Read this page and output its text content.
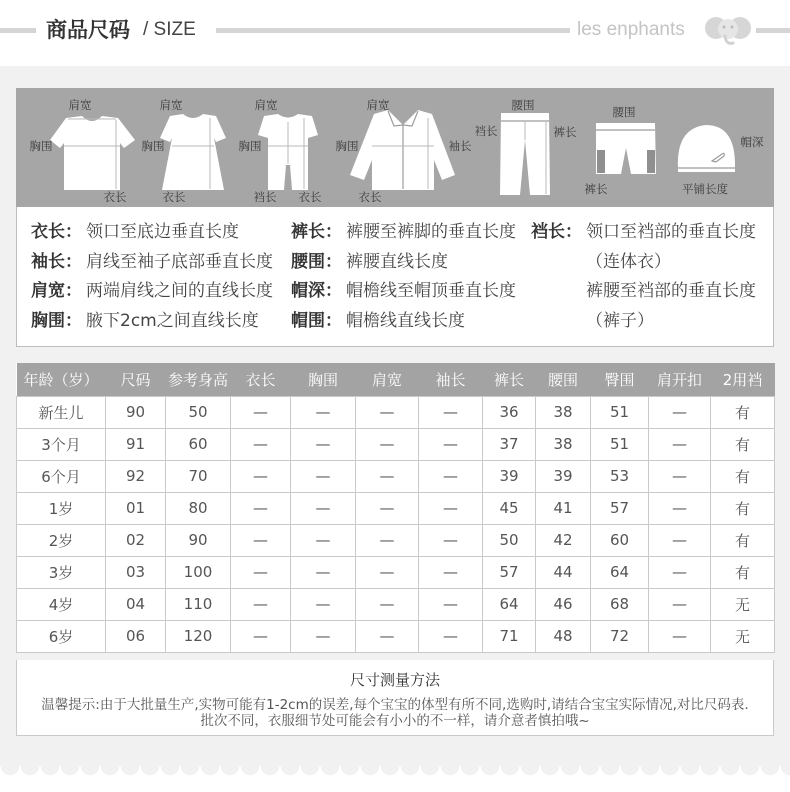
商品尺码 / SIZE	les enphants
肩宽
胸围
衣长
肩宽
胸围
衣长
肩宽
胸围
裆长 衣长
肩宽
胸围	袖长
衣长
腰围
裆长	裤长
腰围
裤长
帽深
平铺长度
衣长： 领口至底边垂直长度
袖长： 肩线至袖子底部垂直长度
肩宽： 两端肩线之间的直线长度
胸围： 腋下2cm之间直线长度
裤长： 裤腰至裤脚的垂直长度
腰围： 裤腰直线长度
帽深： 帽檐线至帽顶垂直长度
帽围： 帽檐线直线长度
裆长： 领口至裆部的垂直长度
（连体衣）
裤腰至裆部的垂直长度
（裤子）
年龄（岁）	尺码	参考身高	衣长	胸围	肩宽	袖长	裤长	腰围	臀围	肩开扣	2用裆
新生儿	90	50	—	—	—	—	36	38	51	—	有
3个月	91	60	—	—	—	—	37	38	51	—	有
6个月	92	70	—	—	—	—	39	39	53	—	有
1岁	01	80	—	—	—	—	45	41	57	—	有
2岁	02	90	—	—	—	—	50	42	60	—	有
3岁	03	100	—	—	—	—	57	44	64	—	有
4岁	04	110	—	—	—	—	64	46	68	—	无
6岁	06	120	—	—	—	—	71	48	72	—	无
尺寸测量方法
温馨提示:由于大批量生产,实物可能有1-2cm的误差,每个宝宝的体型有所不同,选购时,请结合宝宝实际情况,对比尺码表.
批次不同，衣服细节处可能会有小小的不一样，请介意者慎拍哦~
